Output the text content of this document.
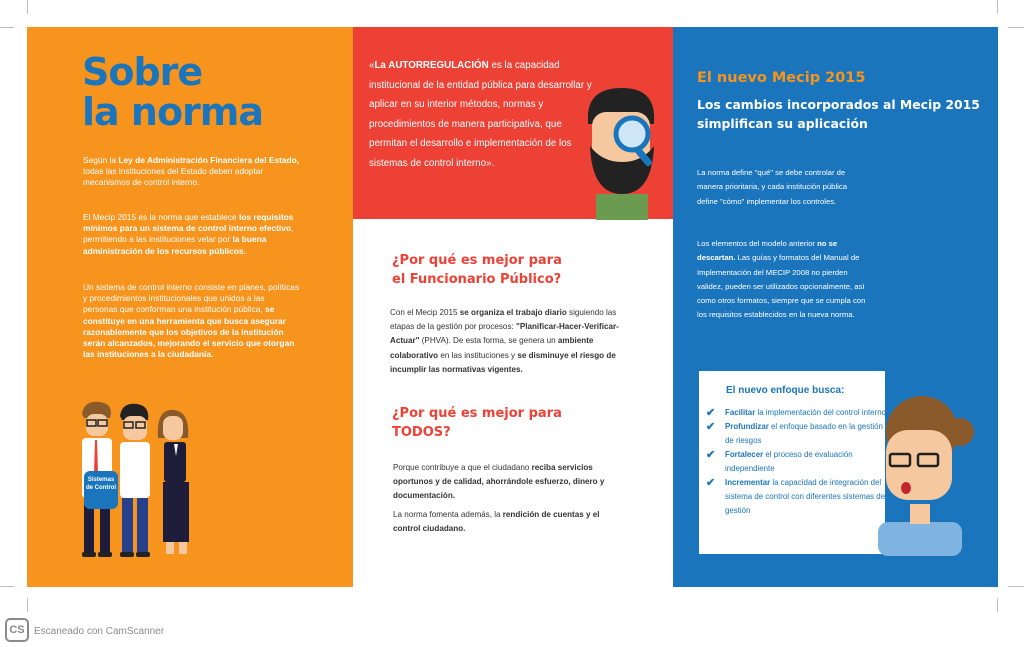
Sobre
la norma

Según la Ley de Administración Financiera del Estado, todas las instituciones del Estado deben adoptar mecanismos de control interno.

El Mecip 2015 es la norma que establece los requisitos mínimos para un sistema de control interno efectivo, permitiendo a las instituciones velar por la buena administración de los recursos públicos.

Un sistema de control interno consiste en planes, políticas y procedimientos institucionales que unidos a las personas que conforman una institución pública, se constituye en una herramienta que busca asegurar razonablemente que los objetivos de la institución serán alcanzados, mejorando el servicio que otorgan las instituciones a la ciudadanía.

Sistemas de Control

«La AUTORREGULACIÓN es la capacidad institucional de la entidad pública para desarrollar y aplicar en su interior métodos, normas y procedimientos de manera participativa, que permitan el desarrollo e implementación de los sistemas de control interno».

¿Por qué es mejor para
el Funcionario Público?

Con el Mecip 2015 se organiza el trabajo diario siguiendo las etapas de la gestión por procesos: "Planificar-Hacer-Verificar-Actuar" (PHVA). De esta forma, se genera un ambiente colaborativo en las instituciones y se disminuye el riesgo de incumplir las normativas vigentes.

¿Por qué es mejor para
TODOS?

Porque contribuye a que el ciudadano reciba servicios oportunos y de calidad, ahorrándole esfuerzo, dinero y documentación.

La norma fomenta además, la rendición de cuentas y el control ciudadano.

El nuevo Mecip 2015

Los cambios incorporados al Mecip 2015 simplifican su aplicación

La norma define "qué" se debe controlar de manera prioritaria, y cada institución pública define "cómo" implementar los controles.

Los elementos del modelo anterior no se descartan. Las guías y formatos del Manual de Implementación del MECIP 2008 no pierden validez, pueden ser utilizados opcionalmente, así como otros formatos, siempre que se cumpla con los requisitos establecidos en la nueva norma.

El nuevo enfoque busca:

✔ Facilitar la implementación del control interno
✔ Profundizar el enfoque basado en la gestión de riesgos
✔ Fortalecer el proceso de evaluación independiente
✔ Incrementar la capacidad de integración del sistema de control con diferentes sistemas de gestión
CS Escaneado con CamScanner
